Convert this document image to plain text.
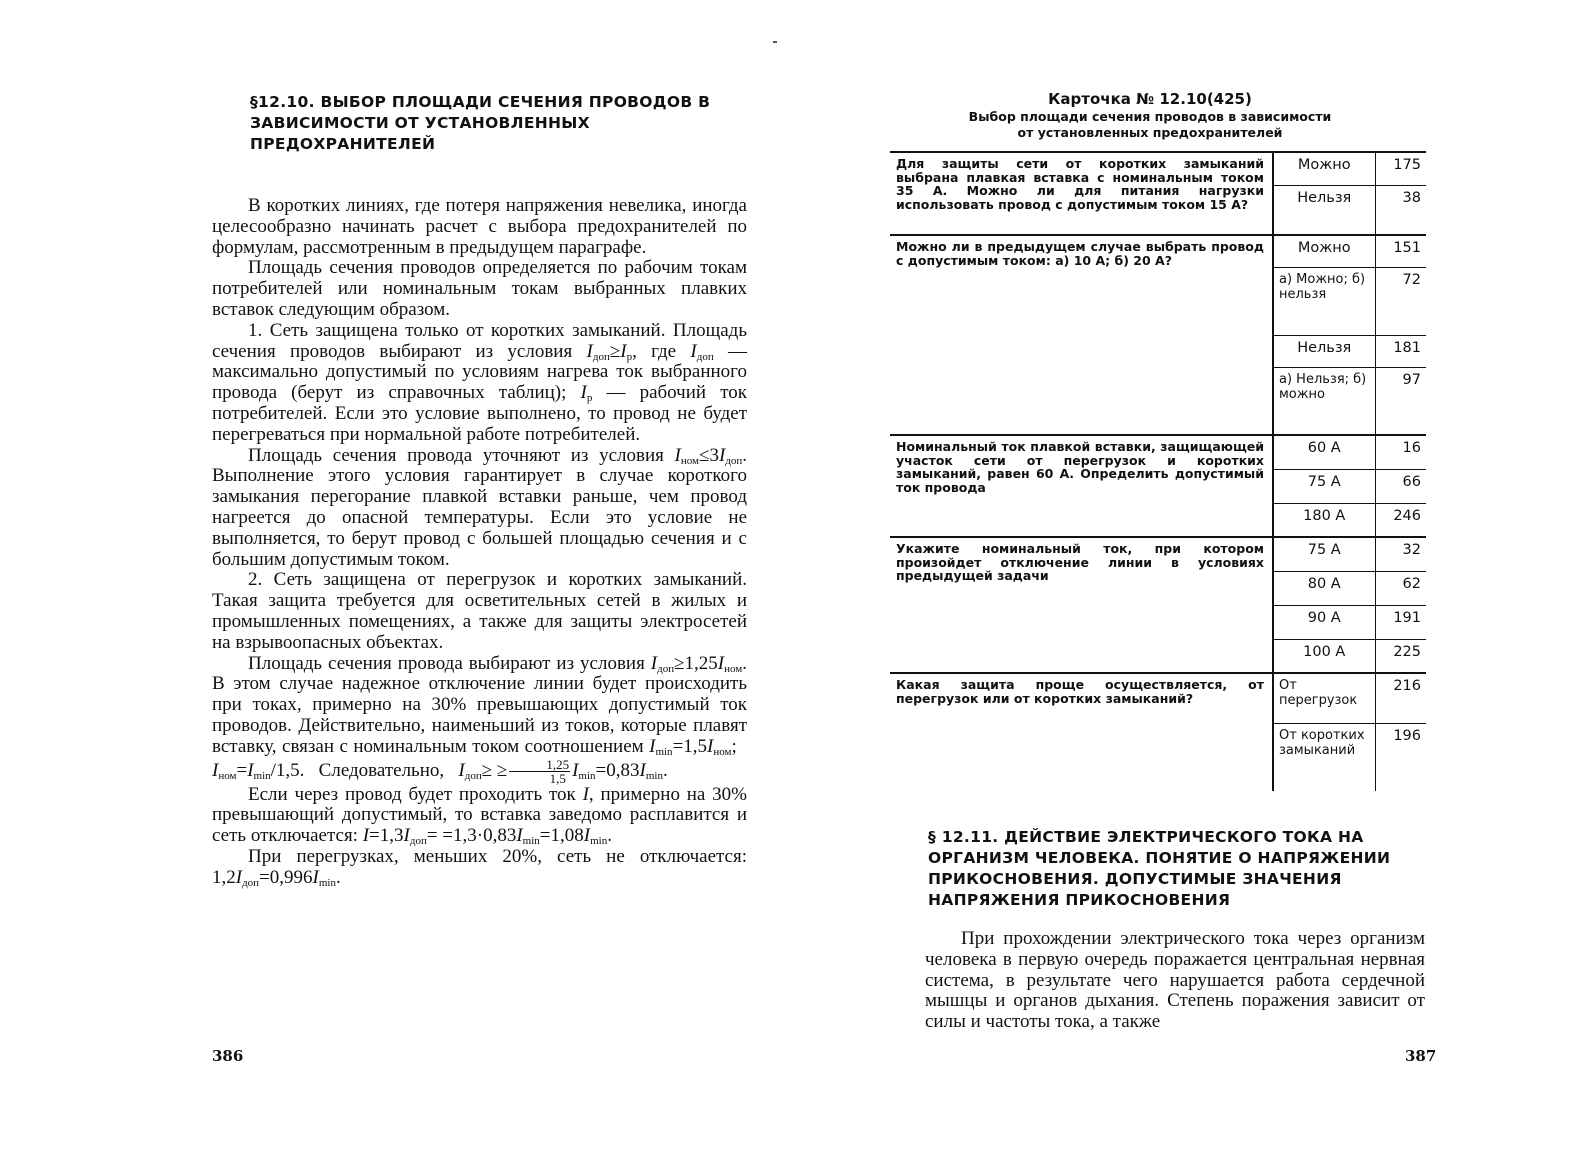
§12.10. ВЫБОР ПЛОЩАДИ СЕЧЕНИЯ ПРОВОДОВ В ЗАВИСИМОСТИ ОТ УСТАНОВЛЕННЫХ ПРЕДОХРАНИТЕЛЕЙ

В коротких линиях, где потеря напряжения невелика, иногда целесообразно начинать расчет с выбора предохранителей по формулам, рассмотренным в предыдущем параграфе.

Площадь сечения проводов определяется по рабочим токам потребителей или номинальным токам выбранных плавких вставок следующим образом.

1. Сеть защищена только от коротких замыканий. Площадь сечения проводов выбирают из условия $I_{доп}\ge I_р$, где $I_{доп}$ — максимально допустимый по условиям нагрева ток выбранного провода (берут из справочных таблиц); $I_р$ — рабочий ток потребителей. Если это условие выполнено, то провод не будет перегреваться при нормальной работе потребителей.

Площадь сечения провода уточняют из условия $I_{ном}\le 3I_{доп}$. Выполнение этого условия гарантирует в случае короткого замыкания перегорание плавкой вставки раньше, чем провод нагреется до опасной температуры. Если это условие не выполняется, то берут провод с большей площадью сечения и с большим допустимым током.

2. Сеть защищена от перегрузок и коротких замыканий. Такая защита требуется для осветительных сетей в жилых и промышленных помещениях, а также для защиты электросетей на взрывоопасных объектах.

Площадь сечения провода выбирают из условия $I_{доп}\ge 1,25I_{ном}$. В этом случае надежное отключение линии будет происходить при токах, примерно на 30% превышающих допустимый ток проводов. Действительно, наименьший из токов, которые плавят вставку, связан с номинальным током соотношением $I_{min}=1,5I_{ном}$;   $I_{ном}=I_{min}/1,5$. Следовательно, $I_{доп}\ge \ge \frac{1,25}{1,5} I_{min}=0,83I_{min}$.

Если через провод будет проходить ток I, примерно на 30% превышающий допустимый, то вставка заведомо расплавится и сеть отключается: $I=1,3I_{доп}= =1,3\cdot 0,83I_{min}=1,08I_{min}$.

При перегрузках, меньших 20%, сеть не отключается: $1,2I_{доп}=0,996I_{min}$.

386
Карточка № 12.10(425)
Выбор площади сечения проводов в зависимости
от установленных предохранителей
Для защиты сети от коротких замыканий выбрана плавкая вставка с номинальным током 35 А. Можно ли для питания нагрузки использовать провод с допустимым током 15 А?	Можно	175
	Нельзя	38
Можно ли в предыдущем случае выбрать провод с допустимым током: а) 10 А; б) 20 А?	Можно	151
	а) Можно; б) нельзя	72
	Нельзя	181
	а) Нельзя; б) можно	97
Номинальный ток плавкой вставки, защищающей участок сети от перегрузок и коротких замыканий, равен 60 А. Определить допустимый ток провода	60 А	16
	75 А	66
	180 А	246
Укажите номинальный ток, при котором произойдет отключение линии в условиях предыдущей задачи	75 А	32
	80 А	62
	90 А	191
	100 А	225
Какая защита проще осуществляется, от перегрузок или от коротких замыканий?	От перегрузок	216
	От коротких замыканий	196
§ 12.11. ДЕЙСТВИЕ ЭЛЕКТРИЧЕСКОГО ТОКА НА ОРГАНИЗМ ЧЕЛОВЕКА. ПОНЯТИЕ О НАПРЯЖЕНИИ ПРИКОСНОВЕНИЯ. ДОПУСТИМЫЕ ЗНАЧЕНИЯ НАПРЯЖЕНИЯ ПРИКОСНОВЕНИЯ

При прохождении электрического тока через организм человека в первую очередь поражается центральная нервная система, в результате чего нарушается работа сердечной мышцы и органов дыхания. Степень поражения зависит от силы и частоты тока, а также

387
